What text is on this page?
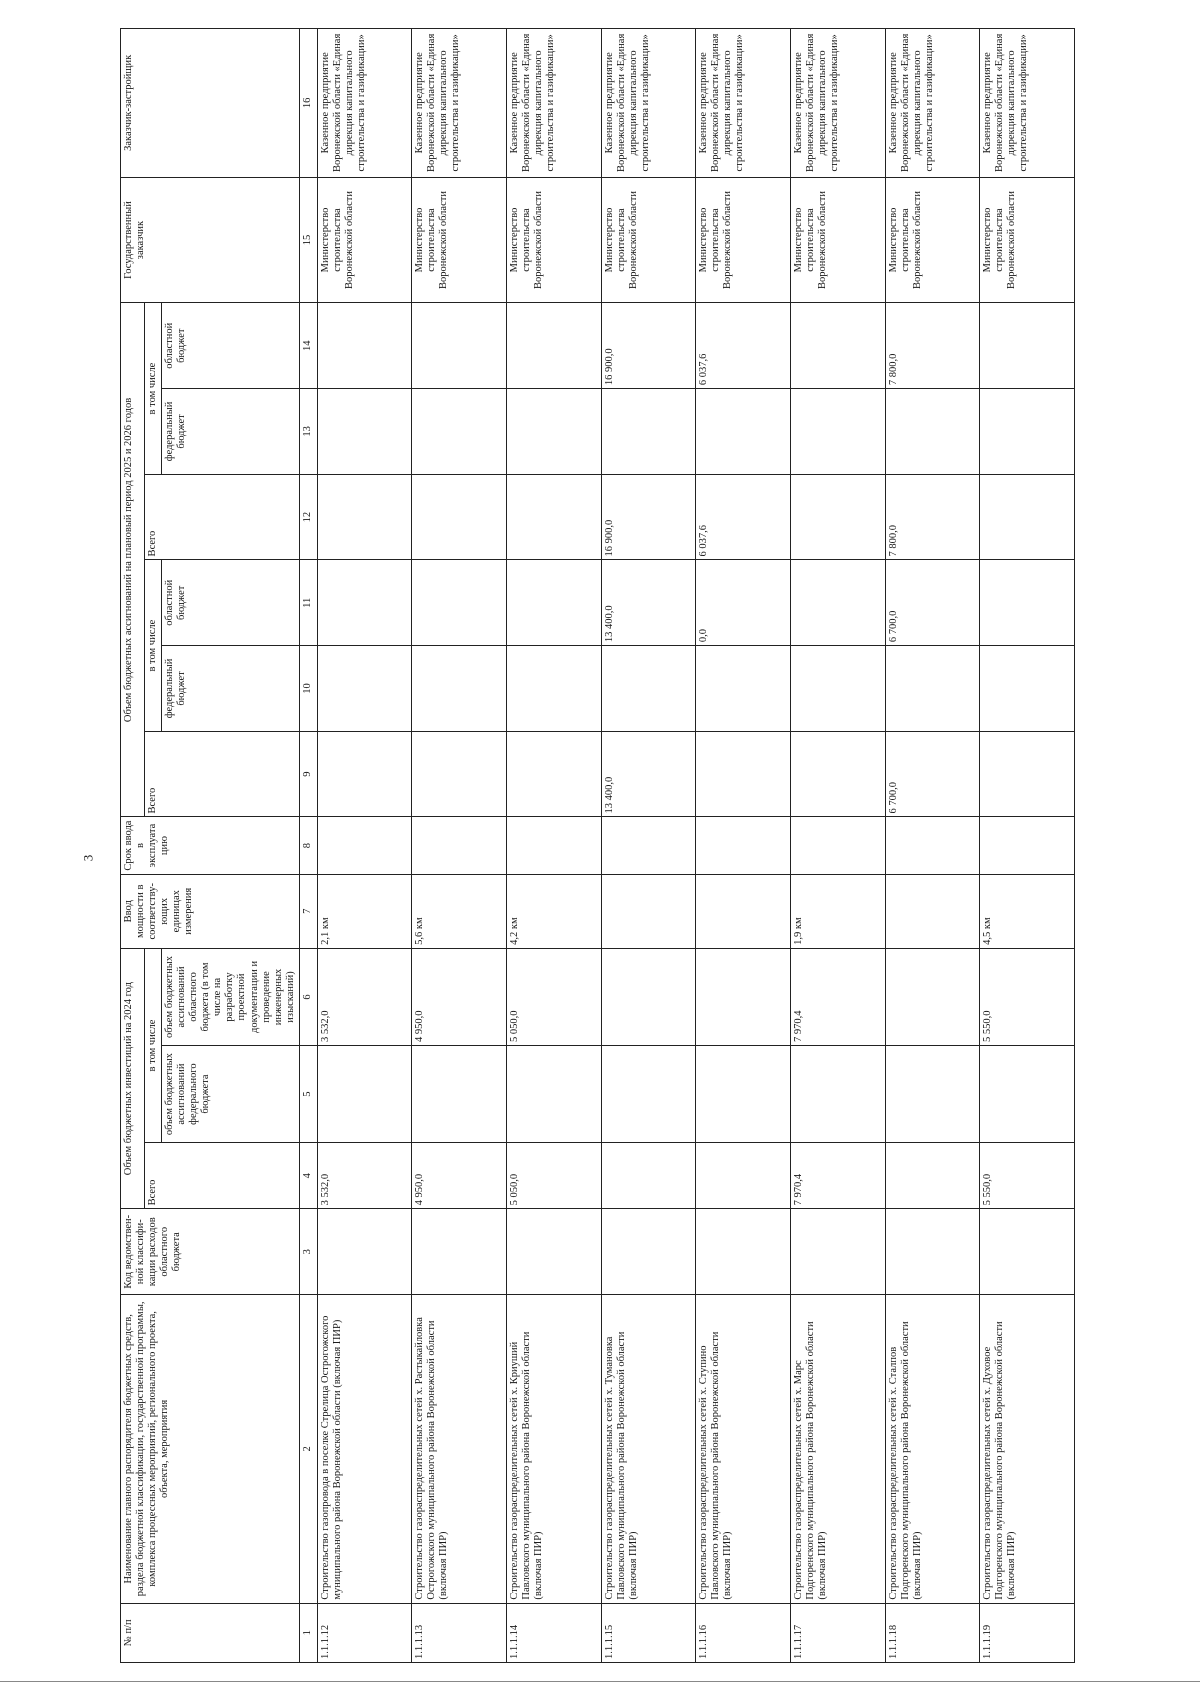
3
№ п/п	Наименование главного распорядителя бюджетных средств, раздела бюджетной классификации, государственной программы, комплекса процессных мероприятий, регионального проекта, объекта, мероприятия	Код ведомствен-ной классифи-кации расходов областного бюджета	Объем бюджетных инвестиций на 2024 год			Ввод мощности в соответству-ющих единицах измерения	Срок ввода в эксплуата цию	Объем бюджетных ассигнований на плановый период 2025 и 2026 годов						Государственный заказчик	Заказчик-застройщик
			Всего	в том числе				Всего	в том числе		Всего	в том числе			
				объем бюджетных ассигнований федерального бюджета	объем бюджетных ассигнований областного бюджета (в том числе на разработку проектной документации и проведение инженерных изысканий)				федеральный бюджет	областной бюджет		федеральный бюджет	областной бюджет		
1	2	3	4	5	6	7	8	9	10	11	12	13	14	15	16
1.1.1.12	Строительство газопровода в поселке Стрелица Острогожского муниципального района Воронежской области (включая ПИР)		3 532,0		3 532,0	2,1 км								Министерство строительства Воронежской области	Казенное предприятие Воронежской области «Единая дирекция капитального строительства и газификации»
1.1.1.13	Строительство газораспределительных сетей х. Растыкайловка Острогожского муниципального района Воронежской области (включая ПИР)		4 950,0		4 950,0	5,6 км								Министерство строительства Воронежской области	Казенное предприятие Воронежской области «Единая дирекция капитального строительства и газификации»
1.1.1.14	Строительство газораспределительных сетей х. Криуший Павловского муниципального района Воронежской области (включая ПИР)		5 050,0		5 050,0	4,2 км								Министерство строительства Воронежской области	Казенное предприятие Воронежской области «Единая дирекция капитального строительства и газификации»
1.1.1.15	Строительство газораспределительных сетей х. Тумановка Павловского муниципального района Воронежской области (включая ПИР)							13 400,0		13 400,0	16 900,0		16 900,0	Министерство строительства Воронежской области	Казенное предприятие Воронежской области «Единая дирекция капитального строительства и газификации»
1.1.1.16	Строительство газораспределительных сетей х. Ступино Павловского муниципального района Воронежской области (включая ПИР)									0,0	6 037,6		6 037,6	Министерство строительства Воронежской области	Казенное предприятие Воронежской области «Единая дирекция капитального строительства и газификации»
1.1.1.17	Строительство газораспределительных сетей х. Марс Подгоренского муниципального района Воронежской области (включая ПИР)		7 970,4		7 970,4	1,9 км								Министерство строительства Воронежской области	Казенное предприятие Воронежской области «Единая дирекция капитального строительства и газификации»
1.1.1.18	Строительство газораспределительных сетей х. Сталпов Подгоренского муниципального района Воронежской области (включая ПИР)							6 700,0		6 700,0	7 800,0		7 800,0	Министерство строительства Воронежской области	Казенное предприятие Воронежской области «Единая дирекция капитального строительства и газификации»
1.1.1.19	Строительство газораспределительных сетей х. Духовое Подгоренского муниципального района Воронежской области (включая ПИР)		5 550,0		5 550,0	4,5 км								Министерство строительства Воронежской области	Казенное предприятие Воронежской области «Единая дирекция капитального строительства и газификации»
